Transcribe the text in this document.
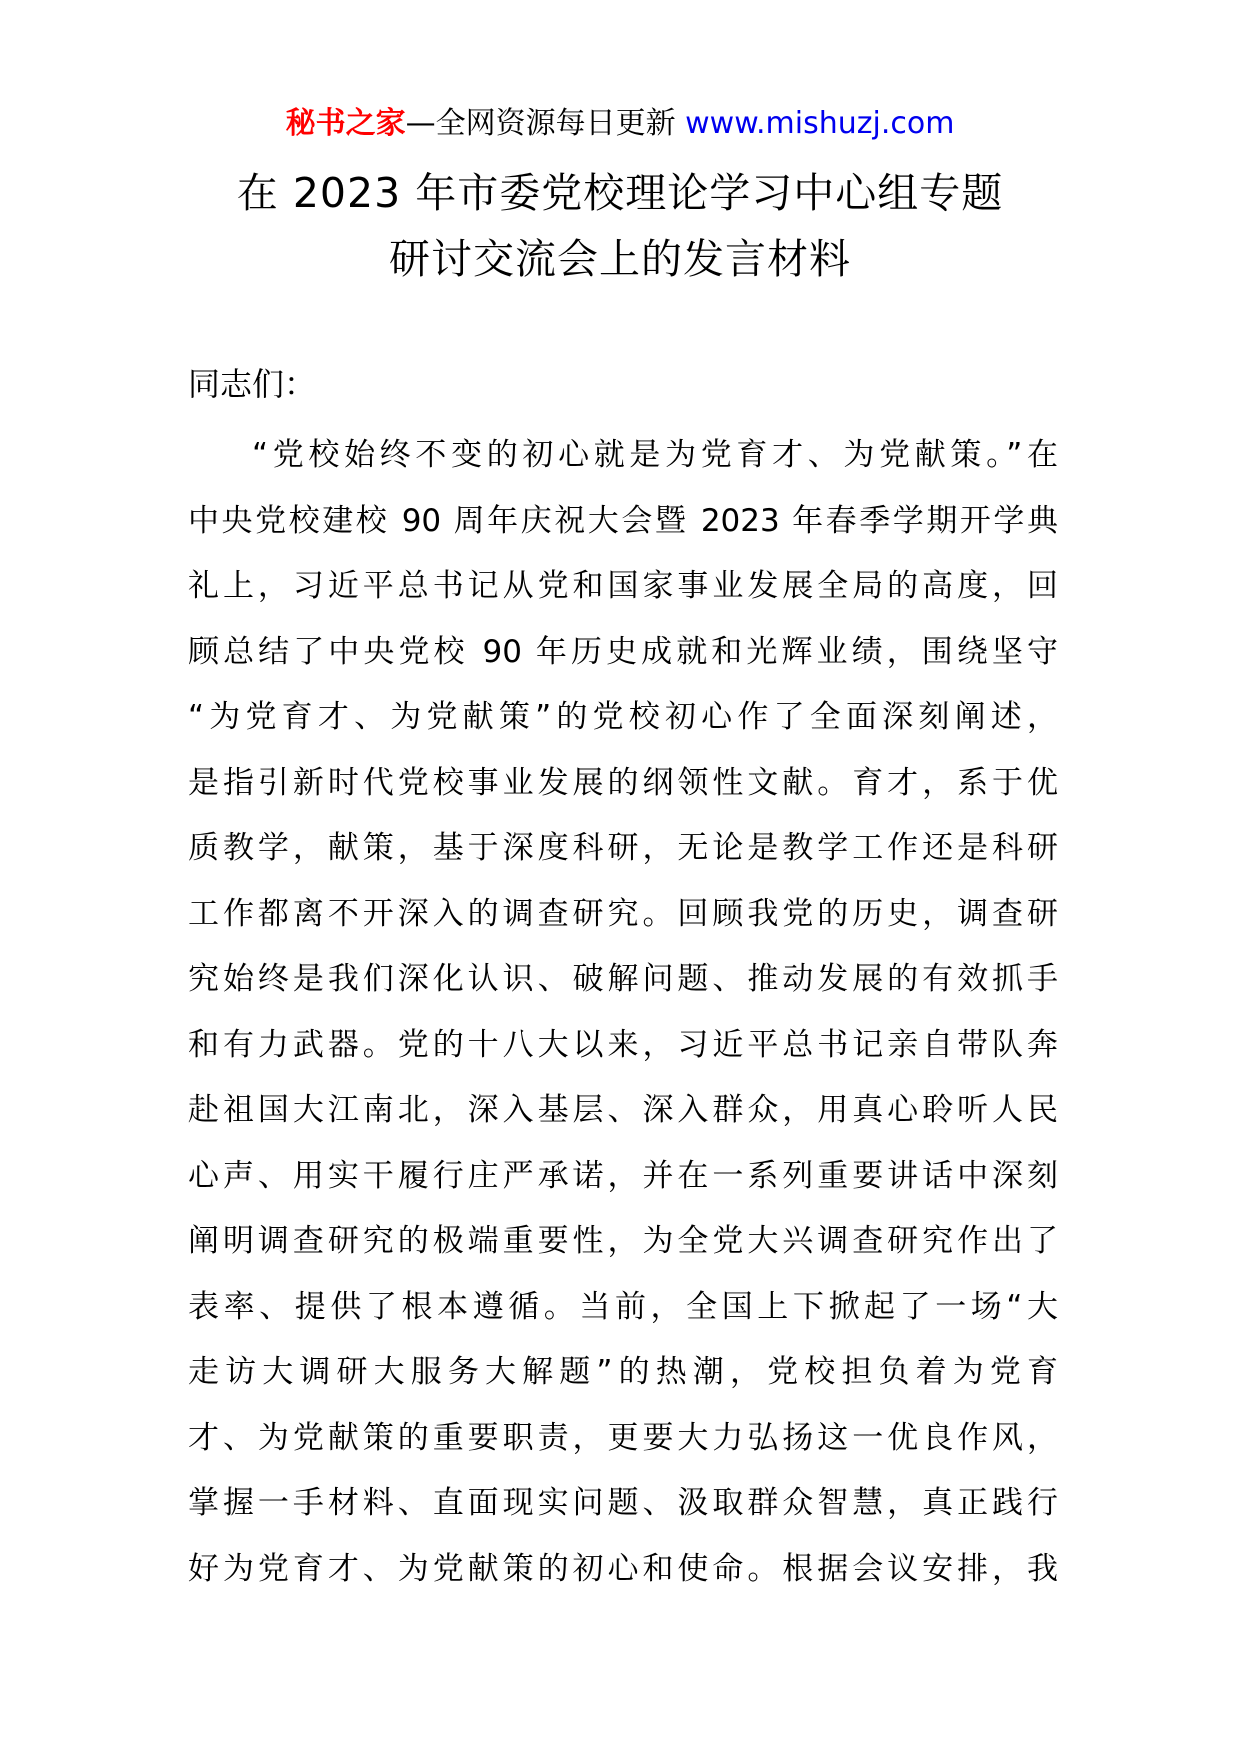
秘书之家—全网资源每日更新 www.mishuzj.com
在 2023 年市委党校理论学习中心组专题
研讨交流会上的发言材料
同志们：
“党校始终不变的初心就是为党育才、为党献策。”在
中央党校建校 90 周年庆祝大会暨 2023 年春季学期开学典
礼上，习近平总书记从党和国家事业发展全局的高度，回
顾总结了中央党校 90 年历史成就和光辉业绩，围绕坚守
“为党育才、为党献策”的党校初心作了全面深刻阐述，
是指引新时代党校事业发展的纲领性文献。育才，系于优
质教学，献策，基于深度科研，无论是教学工作还是科研
工作都离不开深入的调查研究。回顾我党的历史，调查研
究始终是我们深化认识、破解问题、推动发展的有效抓手
和有力武器。党的十八大以来，习近平总书记亲自带队奔
赴祖国大江南北，深入基层、深入群众，用真心聆听人民
心声、用实干履行庄严承诺，并在一系列重要讲话中深刻
阐明调查研究的极端重要性，为全党大兴调查研究作出了
表率、提供了根本遵循。当前，全国上下掀起了一场“大
走访大调研大服务大解题”的热潮，党校担负着为党育
才、为党献策的重要职责，更要大力弘扬这一优良作风，
掌握一手材料、直面现实问题、汲取群众智慧，真正践行
好为党育才、为党献策的初心和使命。根据会议安排，我
